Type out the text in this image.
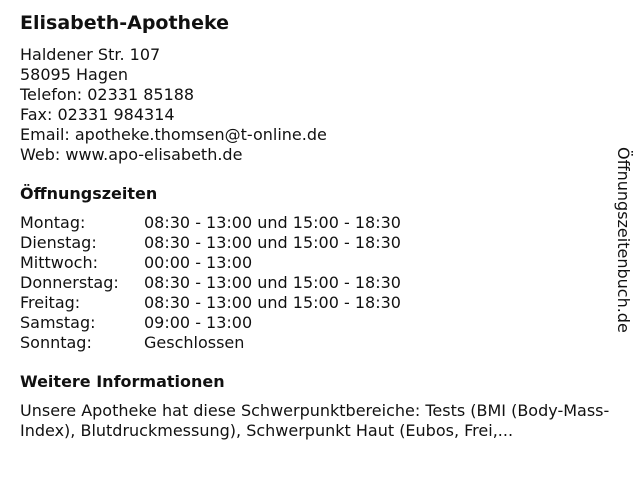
Elisabeth-Apotheke
Haldener Str. 107
58095 Hagen
Telefon: 02331 85188
Fax: 02331 984314
Email: apotheke.thomsen@t-online.de
Web: www.apo-elisabeth.de
Öffnungszeiten
Montag:	08:30 - 13:00 und 15:00 - 18:30
Dienstag:	08:30 - 13:00 und 15:00 - 18:30
Mittwoch:	00:00 - 13:00
Donnerstag:	08:30 - 13:00 und 15:00 - 18:30
Freitag:	08:30 - 13:00 und 15:00 - 18:30
Samstag:	09:00 - 13:00
Sonntag:	Geschlossen
Weitere Informationen
Unsere Apotheke hat diese Schwerpunktbereiche: Tests (BMI (Body-Mass-Index), Blutdruckmessung), Schwerpunkt Haut (Eubos, Frei,...
Öffnungszeitenbuch.de
